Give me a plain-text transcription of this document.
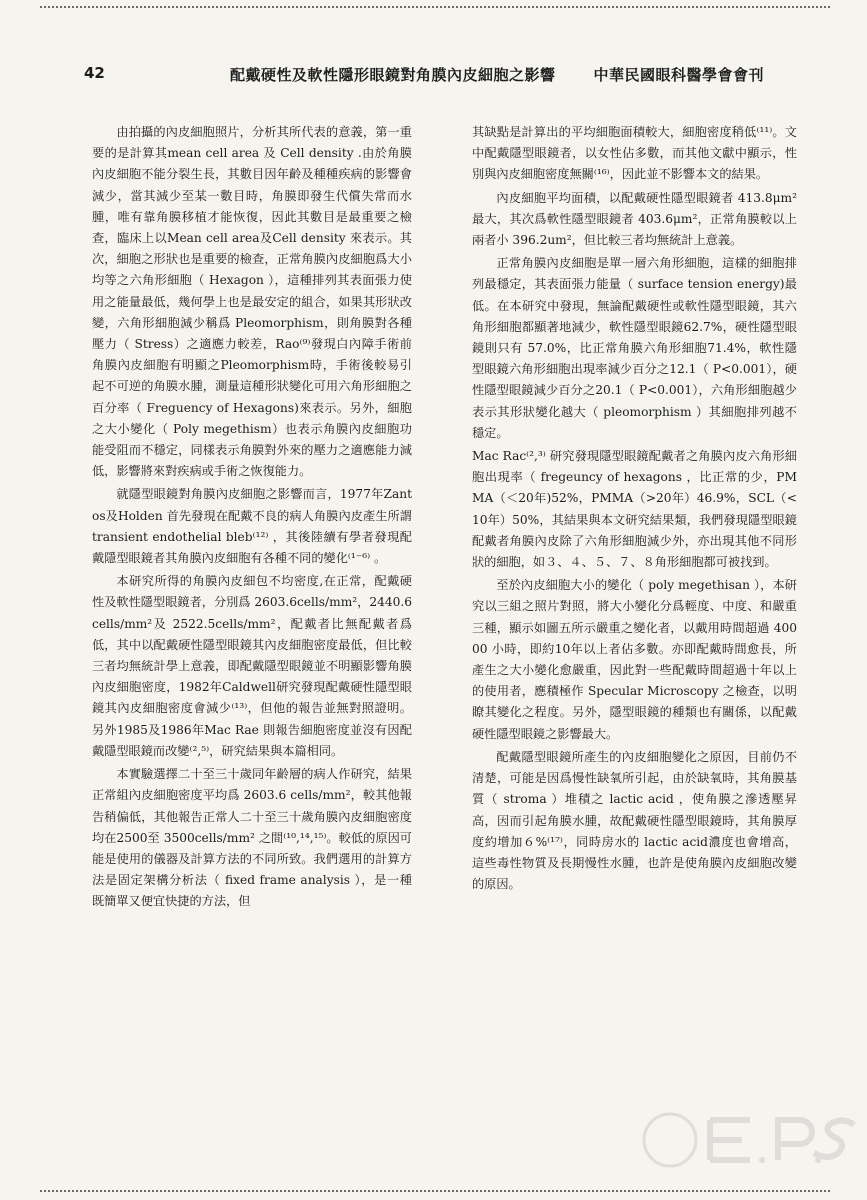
42	配戴硬性及軟性隱形眼鏡對角膜內皮細胞之影響	中華民國眼科醫學會會刊

由拍攝的內皮細胞照片，分析其所代表的意義，第一重要的是計算其mean cell area 及 Cell density .由於角膜內皮細胞不能分裂生長，其數目因年齡及種種疾病的影響會減少，當其減少至某一數目時，角膜即發生代償失常而水腫，唯有靠角膜移植才能恢復，因此其數目是最重要之檢查，臨床上以Mean cell area及Cell density 來表示。其次，細胞之形狀也是重要的檢查，正常角膜內皮細胞爲大小均等之六角形細胞（ Hexagon ），這種排列其表面張力使用之能量最低，幾何學上也是最安定的組合，如果其形狀改變，六角形細胞減少稱爲 Pleomorphism，則角膜對各種壓力（ Stress）之適應力較差，Rao⁽⁹⁾發現白內障手術前角膜內皮細胞有明顯之Pleomorphism時，手術後較易引起不可逆的角膜水腫，測量這種形狀變化可用六角形細胞之百分率（ Freguency of Hexagons)來表示。另外，細胞之大小變化（ Poly megethism）也表示角膜內皮細胞功能受阻而不穩定，同樣表示角膜對外來的壓力之適應能力減低，影響將來對疾病或手術之恢復能力。

就隱型眼鏡對角膜內皮細胞之影響而言，1977年Zantos及Holden 首先發現在配戴不良的病人角膜內皮產生所謂 transient endothelial bleb⁽¹²⁾ ，其後陸續有學者發現配戴隱型眼鏡者其角膜內皮細胞有各種不同的變化⁽¹⁻⁶⁾ 。

本研究所得的角膜內皮細包不均密度,在正常，配戴硬性及軟性隱型眼鏡者，分別爲 2603.6cells/mm²，2440.6cells/mm²及 2522.5cells/mm²，配戴者比無配戴者爲低，其中以配戴硬性隱型眼鏡其內皮細胞密度最低，但比較三者均無統計學上意義，即配戴隱型眼鏡並不明顯影響角膜內皮細胞密度，1982年Caldwell研究發現配戴硬性隱型眼鏡其內皮細胞密度會減少⁽¹³⁾，但他的報告並無對照證明。另外1985及1986年Mac Rae 則報告細胞密度並沒有因配戴隱型眼鏡而改變⁽²,⁵⁾，研究結果與本篇相同。

本實驗選擇二十至三十歲同年齡層的病人作研究，結果正常組內皮細胞密度平均爲 2603.6 cells/mm²，較其他報告稍偏低，其他報告正常人二十至三十歲角膜內皮細胞密度均在2500至 3500cells/mm² 之間⁽¹⁰,¹⁴,¹⁵⁾。較低的原因可能是使用的儀器及計算方法的不同所致。我們選用的計算方法是固定架構分析法（ fixed frame analysis ），是一種既簡單又便宜快捷的方法，但

其缺點是計算出的平均細胞面積較大，細胞密度稍低⁽¹¹⁾。文中配戴隱型眼鏡者，以女性佔多數，而其他文獻中顯示，性別與內皮細胞密度無關⁽¹⁶⁾，因此並不影響本文的結果。

內皮細胞平均面積，以配戴硬性隱型眼鏡者 413.8μm²最大，其次爲軟性隱型眼鏡者 403.6μm²，正常角膜較以上兩者小 396.2um²，但比較三者均無統計上意義。

正常角膜內皮細胞是單一層六角形細胞，這樣的細胞排列最穩定，其表面張力能量（ surface tension energy)最低。在本研究中發現，無論配戴硬性或軟性隱型眼鏡，其六角形細胞都顯著地減少，軟性隱型眼鏡62.7%，硬性隱型眼鏡則只有 57.0%，比正常角膜六角形細胞71.4%，軟性隱型眼鏡六角形細胞出現率減少百分之12.1（ P<0.001），硬性隱型眼鏡減少百分之20.1（ P<0.001），六角形細胞越少表示其形狀變化越大（ pleomorphism ）其細胞排列越不穩定。

Mac Rac⁽²,³⁾ 研究發現隱型眼鏡配戴者之角膜內皮六角形細胞出現率（ fregeuncy of hexagons ，比正常的少，PMMA（＜20年)52%，PMMA（>20年）46.9%，SCL（<10年）50%，其結果與本文研究結果類，我們發現隱型眼鏡配戴者角膜內皮除了六角形細胞減少外，亦出現其他不同形狀的細胞，如３、４、５、７、８角形細胞都可被找到。

至於內皮細胞大小的變化（ poly megethisan ），本研究以三組之照片對照，將大小變化分爲輕度、中度、和嚴重三種，顯示如圖五所示嚴重之變化者，以戴用時間超過 40000 小時，即約10年以上者佔多數。亦即配戴時間愈長，所產生之大小變化愈嚴重，因此對一些配戴時間超過十年以上的使用者，應積極作 Specular Microscopy 之檢查，以明瞭其變化之程度。另外，隱型眼鏡的種類也有關係，以配戴硬性隱型眼鏡之影響最大。

配戴隱型眼鏡所產生的內皮細胞變化之原因，目前仍不清楚，可能是因爲慢性缺氧所引起，由於缺氧時，其角膜基質（ stroma ）堆積之 lactic acid ，使角膜之滲透壓昇高，因而引起角膜水腫，故配戴硬性隱型眼鏡時，其角膜厚度約增加６%⁽¹⁷⁾，同時房水的 lactic acid濃度也會增高，這些毒性物質及長期慢性水腫，也許是使角膜內皮細胞改變的原因。
